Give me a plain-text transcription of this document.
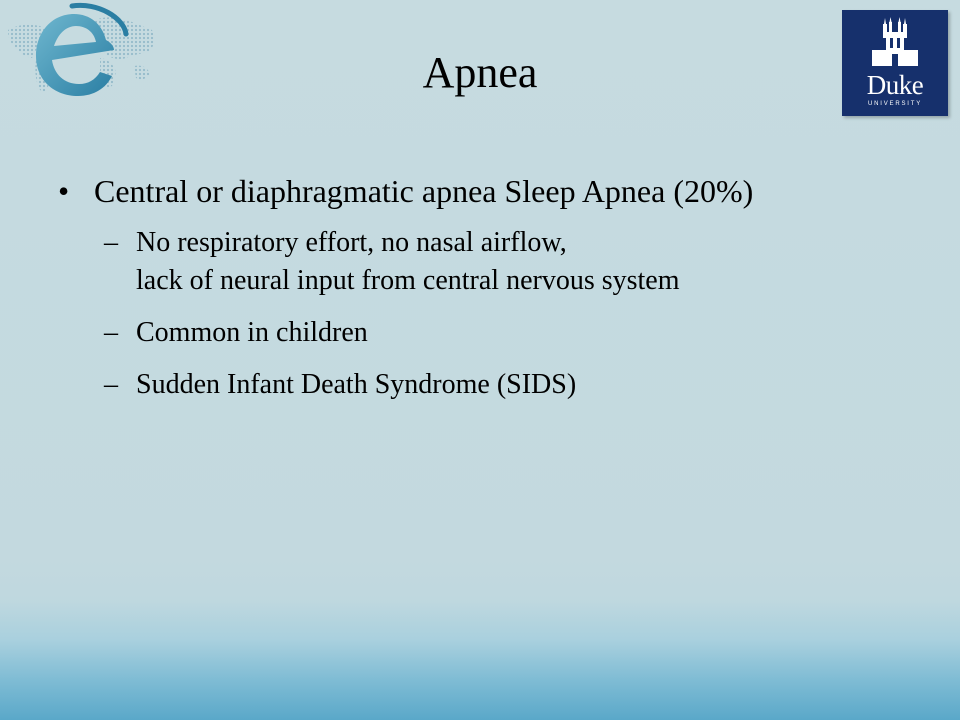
Duke
UNIVERSITY
Apnea
• Central or diaphragmatic apnea Sleep Apnea (20%)
– No respiratory effort, no nasal airflow,
lack of neural input from central nervous system
– Common in children
– Sudden Infant Death Syndrome (SIDS)
